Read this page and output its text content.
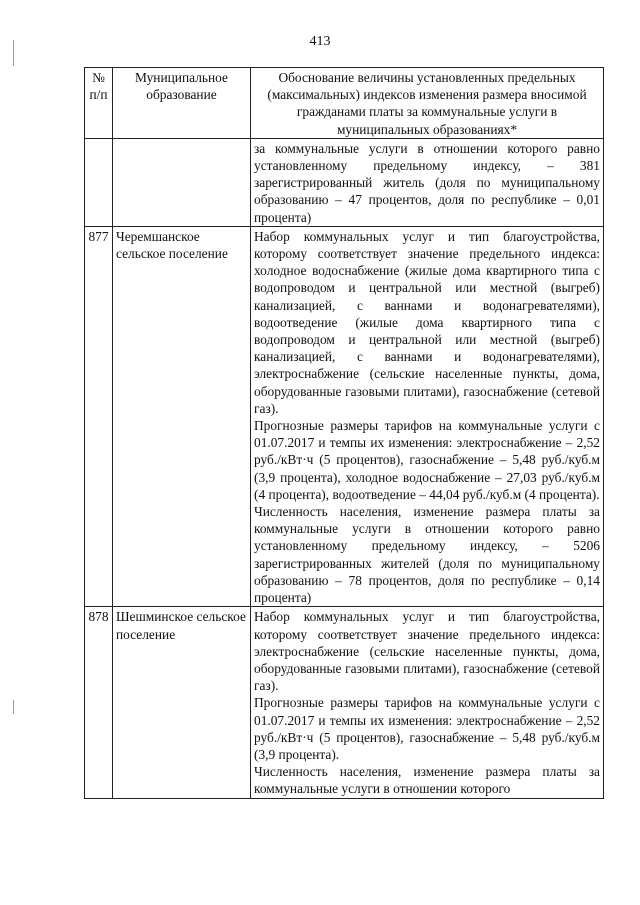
413
№ п/п	Муниципальное образование	Обоснование величины установленных предельных (максимальных) индексов изменения размера вносимой гражданами платы за коммунальные услуги в муниципальных образованиях*

		за коммунальные услуги в отношении которого равно установленному предельному индексу, – 381 зарегистрированный житель (доля по муниципальному образованию – 47 процентов, доля по республике – 0,01 процента)

877	Черемшанское сельское поселение	Набор коммунальных услуг и тип благоустройства, которому соответствует значение предельного индекса: холодное водоснабжение (жилые дома квартирного типа с водопроводом и центральной или местной (выгреб) канализацией, с ваннами и водонагревателями), водоотведение (жилые дома квартирного типа с водопроводом и центральной или местной (выгреб) канализацией, с ваннами и водонагревателями), электроснабжение (сельские населенные пункты, дома, оборудованные газовыми плитами), газоснабжение (сетевой газ).

Прогнозные размеры тарифов на коммунальные услуги с 01.07.2017 и темпы их изменения: электроснабжение – 2,52 руб./кВт·ч (5 процентов), газоснабжение – 5,48 руб./куб.м (3,9 процента), холодное водоснабжение – 27,03 руб./куб.м (4 процента), водоотведение – 44,04 руб./куб.м (4 процента).

Численность населения, изменение размера платы за коммунальные услуги в отношении которого равно установленному предельному индексу, – 5206 зарегистрированных жителей (доля по муниципальному образованию – 78 процентов, доля по республике – 0,14 процента)

878	Шешминское сельское поселение	Набор коммунальных услуг и тип благоустройства, которому соответствует значение предельного индекса: электроснабжение (сельские населенные пункты, дома, оборудованные газовыми плитами), газоснабжение (сетевой газ).

Прогнозные размеры тарифов на коммунальные услуги с 01.07.2017 и темпы их изменения: электроснабжение – 2,52 руб./кВт·ч (5 процентов), газоснабжение – 5,48 руб./куб.м (3,9 процента).

Численность населения, изменение размера платы за коммунальные услуги в отношении которого
